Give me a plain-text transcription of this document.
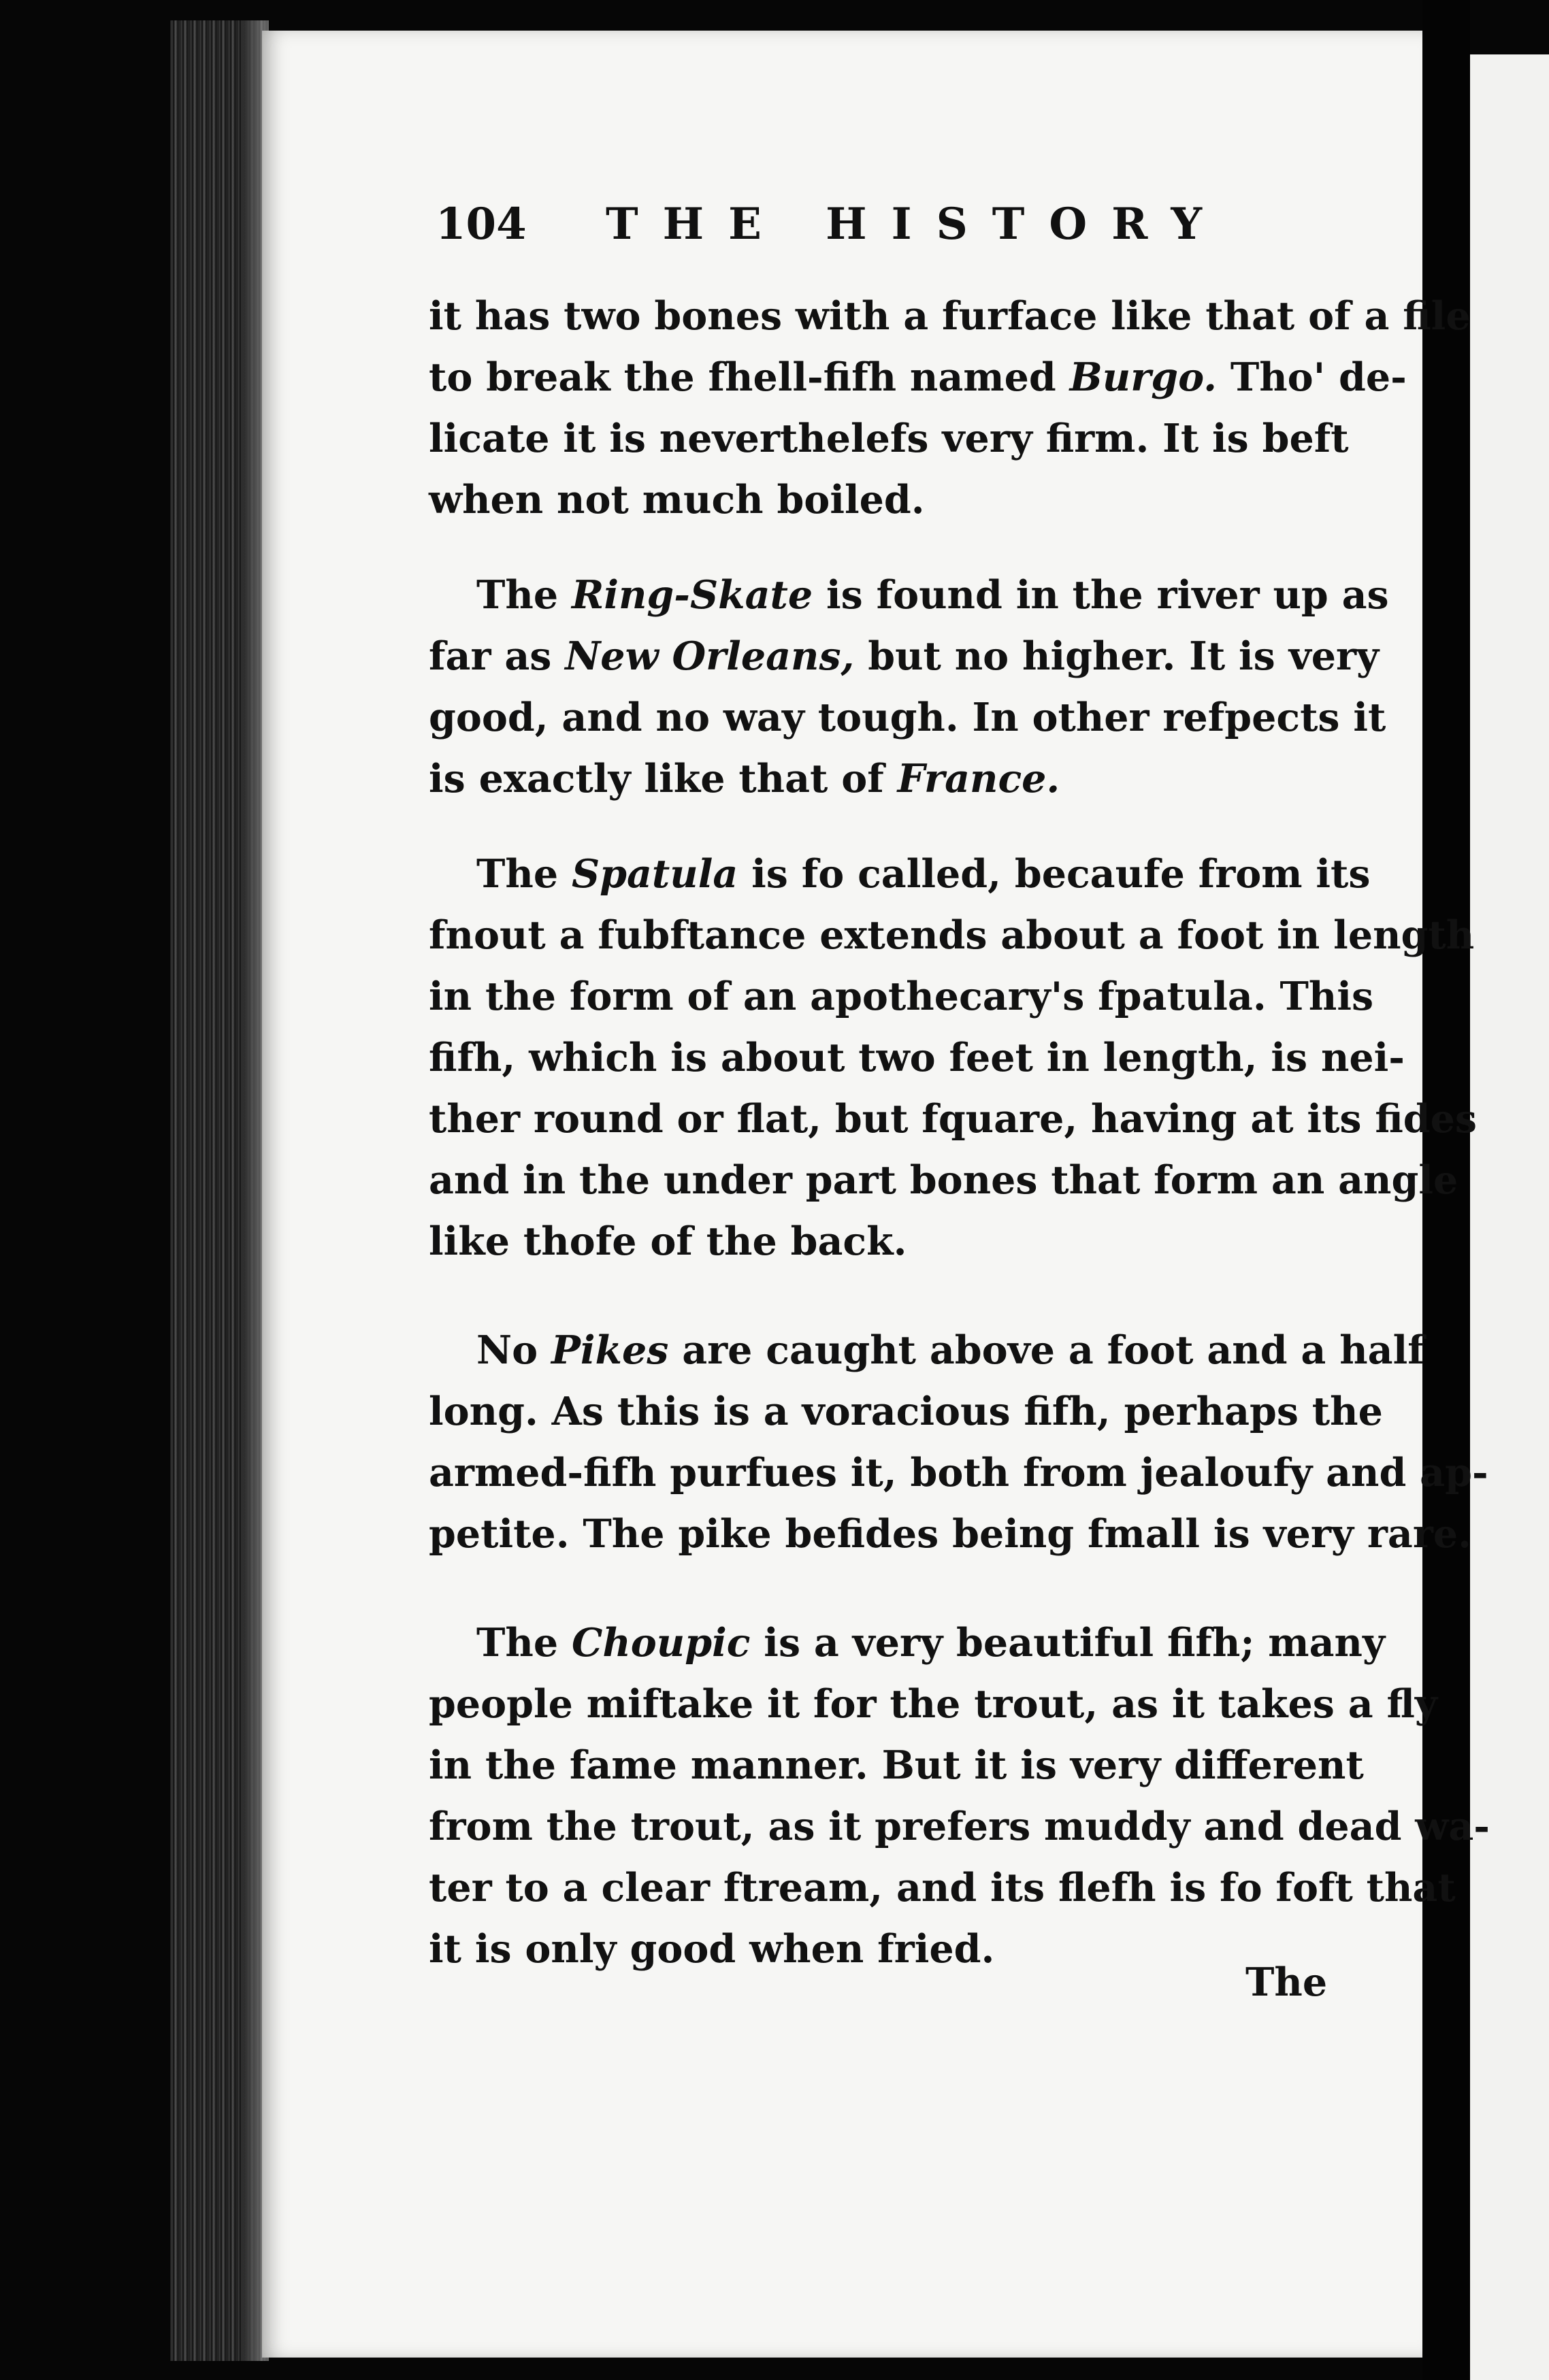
104 THE HISTORY
it has two bones with a furface like that of a file
to break the fhell-fifh named Burgo. Tho' de-
licate it is neverthelefs very firm. It is beft
when not much boiled.
The Ring-Skate is found in the river up as
far as New Orleans, but no higher. It is very
good, and no way tough. In other refpects it
is exactly like that of France.
The Spatula is fo called, becaufe from its
fnout a fubftance extends about a foot in length
in the form of an apothecary's fpatula. This
fifh, which is about two feet in length, is nei-
ther round or flat, but fquare, having at its fides
and in the under part bones that form an angle
like thofe of the back.
No Pikes are caught above a foot and a half
long. As this is a voracious fifh, perhaps the
armed-fifh purfues it, both from jealoufy and ap-
petite. The pike befides being fmall is very rare.
The Choupic is a very beautiful fifh; many
people miftake it for the trout, as it takes a fly
in the fame manner. But it is very different
from the trout, as it prefers muddy and dead wa-
ter to a clear ftream, and its flefh is fo foft that
it is only good when fried.
The
